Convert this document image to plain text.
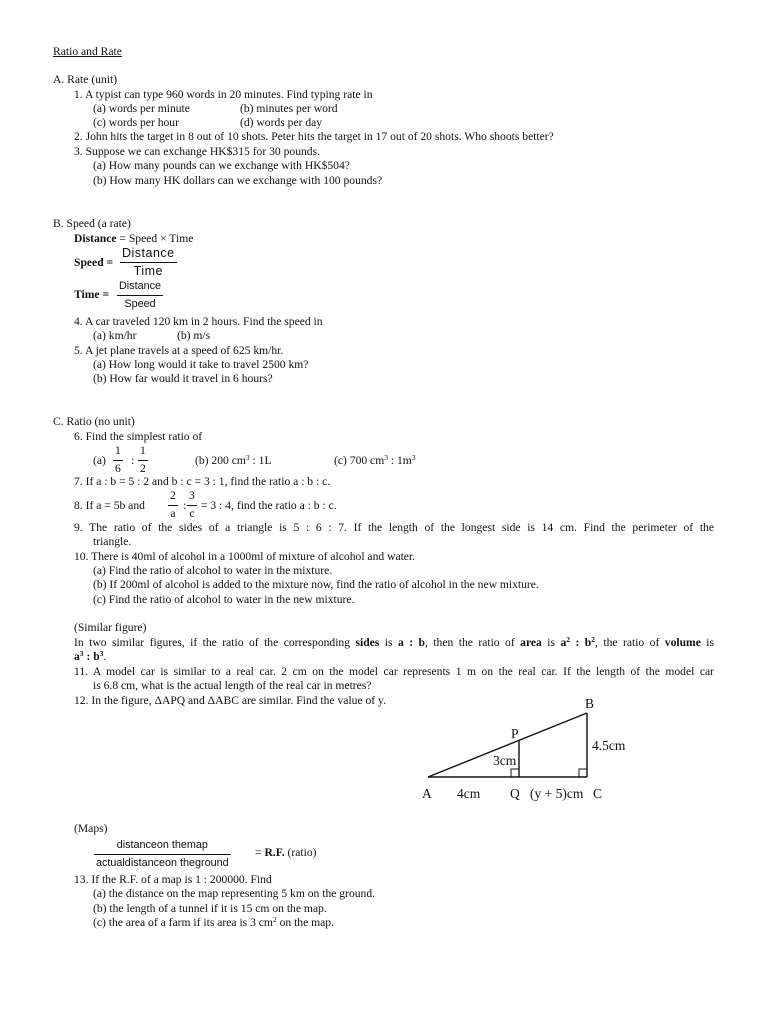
Ratio and Rate
A. Rate (unit)
1. A typist can type 960 words in 20 minutes. Find typing rate in
(a) words per minute	(b) minutes per word
(c) words per hour	(d) words per day
2. John hits the target in 8 out of 10 shots. Peter hits the target in 17 out of 20 shots. Who shoots better?
3. Suppose we can exchange HK$315 for 30 pounds.
(a) How many pounds can we exchange with HK$504?
(b) How many HK dollars can we exchange with 100 pounds?
B. Speed (a rate)
Distance = Speed × Time
Speed =
Distance
Time
Time =
Distance
Speed
4. A car traveled 120 km in 2 hours. Find the speed in
(a) km/hr	(b) m/s
5. A jet plane travels at a speed of 625 km/hr.
(a) How long would it take to travel 2500 km?
(b) How far would it travel in 6 hours?
C. Ratio (no unit)
6. Find the simplest ratio of
(a)
1
6
:
1
2
(b) 200 $cm^3$ : 1L	(c) 700 $cm^3$ : $1m^3$
7. If a : b = 5 : 2 and b : c = 3 : 1, find the ratio a : b : c.
8. If a = 5b and
2
a
:
3
c
= 3 : 4, find the ratio a : b : c.
9. The ratio of the sides of a triangle is 5 : 6 : 7. If the length of the longest side is 14 cm. Find the perimeter of the
triangle.
10. There is 40ml of alcohol in a 1000ml of mixture of alcohol and water.
(a) Find the ratio of alcohol to water in the mixture.
(b) If 200ml of alcohol is added to the mixture now, find the ratio of alcohol in the new mixture.
(c) Find the ratio of alcohol to water in the new mixture.
(Similar figure)
In two similar figures, if the ratio of the corresponding sides is a : b, then the ratio of area is $a^2$ : $b^2$, the ratio of volume is
$a^3$ : $b^3$.
11. A model car is similar to a real car. 2 cm on the model car represents 1 m on the real car. If the length of the model car
is 6.8 cm, what is the actual length of the real car in metres?
12. In the figure, ΔAPQ and ΔABC are similar. Find the value of y.
A
B
P
Q	C
4cm
3cm
4.5cm
(y + 5)cm
(Maps)
distanceon themap
actualdistanceon theground
= R.F. (ratio)
13. If the R.F. of a map is 1 : 200000. Find
(a) the distance on the map representing 5 km on the ground.
(b) the length of a tunnel if it is 15 cm on the map.
(c) the area of a farm if its area is 3 $cm^2$ on the map.
